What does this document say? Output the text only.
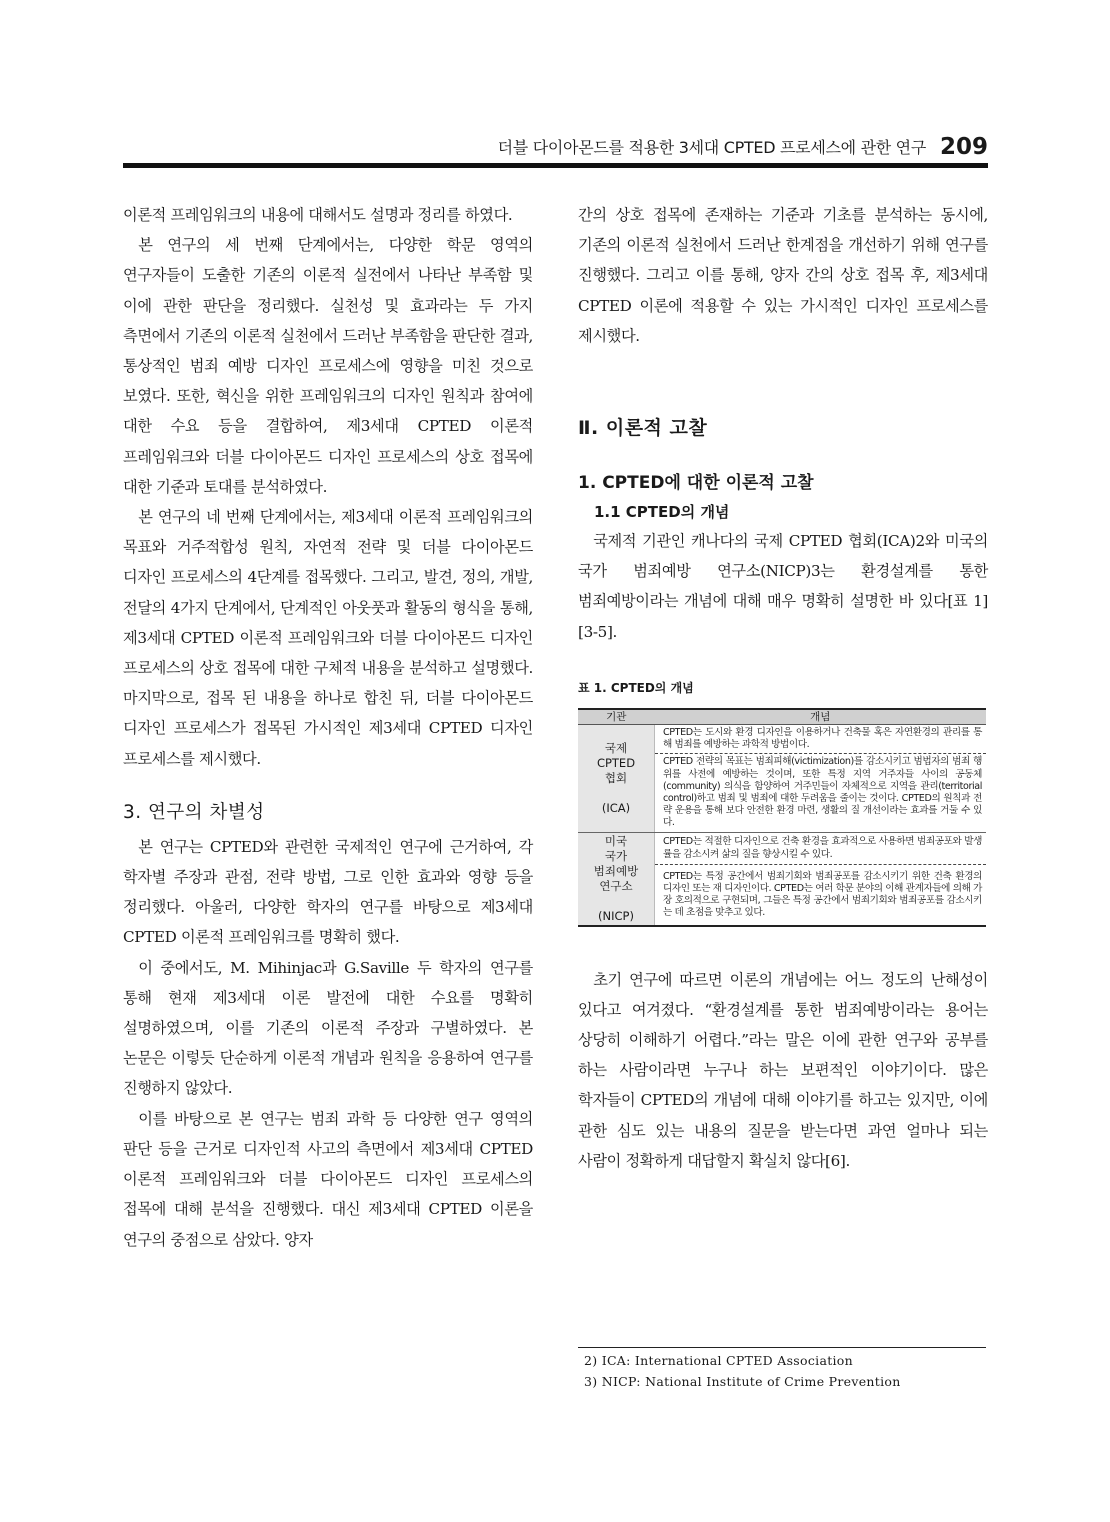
더블 다이아몬드를 적용한 3세대 CPTED 프로세스에 관한 연구 209

이론적 프레임워크의 내용에 대해서도 설명과 정리를 하였다.

본 연구의 세 번째 단계에서는, 다양한 학문 영역의 연구자들이 도출한 기존의 이론적 실전에서 나타난 부족함 및 이에 관한 판단을 정리했다. 실천성 및 효과라는 두 가지 측면에서 기존의 이론적 실천에서 드러난 부족함을 판단한 결과, 통상적인 범죄 예방 디자인 프로세스에 영향을 미친 것으로 보였다. 또한, 혁신을 위한 프레임워크의 디자인 원칙과 참여에 대한 수요 등을 결합하여, 제3세대 CPTED 이론적 프레임워크와 더블 다이아몬드 디자인 프로세스의 상호 접목에 대한 기준과 토대를 분석하였다.

본 연구의 네 번째 단계에서는, 제3세대 이론적 프레임워크의 목표와 거주적합성 원칙, 자연적 전략 및 더블 다이아몬드 디자인 프로세스의 4단계를 접목했다. 그리고, 발견, 정의, 개발, 전달의 4가지 단계에서, 단계적인 아웃풋과 활동의 형식을 통해, 제3세대 CPTED 이론적 프레임워크와 더블 다이아몬드 디자인 프로세스의 상호 접목에 대한 구체적 내용을 분석하고 설명했다. 마지막으로, 접목 된 내용을 하나로 합친 뒤, 더블 다이아몬드 디자인 프로세스가 접목된 가시적인 제3세대 CPTED 디자인 프로세스를 제시했다.

3. 연구의 차별성

본 연구는 CPTED와 관련한 국제적인 연구에 근거하여, 각 학자별 주장과 관점, 전략 방법, 그로 인한 효과와 영향 등을 정리했다. 아울러, 다양한 학자의 연구를 바탕으로 제3세대 CPTED 이론적 프레임워크를 명확히 했다.

이 중에서도, M. Mihinjac과 G.Saville 두 학자의 연구를 통해 현재 제3세대 이론 발전에 대한 수요를 명확히 설명하였으며, 이를 기존의 이론적 주장과 구별하였다. 본 논문은 이렇듯 단순하게 이론적 개념과 원칙을 응용하여 연구를 진행하지 않았다.

이를 바탕으로 본 연구는 범죄 과학 등 다양한 연구 영역의 판단 등을 근거로 디자인적 사고의 측면에서 제3세대 CPTED 이론적 프레임워크와 더블 다이아몬드 디자인 프로세스의 접목에 대해 분석을 진행했다. 대신 제3세대 CPTED 이론을 연구의 중점으로 삼았다. 양자

간의 상호 접목에 존재하는 기준과 기초를 분석하는 동시에, 기존의 이론적 실천에서 드러난 한계점을 개선하기 위해 연구를 진행했다. 그리고 이를 통해, 양자 간의 상호 접목 후, 제3세대 CPTED 이론에 적용할 수 있는 가시적인 디자인 프로세스를 제시했다.

Ⅱ. 이론적 고찰
1. CPTED에 대한 이론적 고찰
1.1 CPTED의 개념

국제적 기관인 캐나다의 국제 CPTED 협회(ICA)2와 미국의 국가 범죄예방 연구소(NICP)3는 환경설계를 통한 범죄예방이라는 개념에 대해 매우 명확히 설명한 바 있다[표 1][3-5].

표 1. CPTED의 개념

기관	개념
국제
CPTED
협회

(ICA)	CPTED는 도시와 환경 디자인을 이용하거나 건축물 혹은 자연환경의 관리를 통해 범죄를 예방하는 과학적 방법이다.
	CPTED 전략의 목표는 범죄피해(victimization)를 감소시키고 범법자의 범죄 행위를 사전에 예방하는 것이며, 또한 특정 지역 거주자들 사이의 공동체(community) 의식을 함양하여 거주민들이 자체적으로 지역을 관리(territorial control)하고 범죄 및 범죄에 대한 두려움을 줄이는 것이다. CPTED의 원칙과 전략 운용을 통해 보다 안전한 환경 마련, 생활의 질 개선이라는 효과를 거둘 수 있다.
미국
국가
범죄예방
연구소

(NICP)	CPTED는 적절한 디자인으로 건축 환경을 효과적으로 사용하면 범죄공포와 발생률을 감소시켜 삶의 질을 향상시킬 수 있다.
	CPTED는 특정 공간에서 범죄기회와 범죄공포를 감소시키기 위한 건축 환경의 디자인 또는 재 디자인이다. CPTED는 여러 학문 분야의 이해 관계자들에 의해 가장 호의적으로 구현되며, 그들은 특정 공간에서 범죄기회와 범죄공포를 감소시키는 데 초점을 맞추고 있다.

초기 연구에 따르면 이론의 개념에는 어느 정도의 난해성이 있다고 여겨졌다. “환경설계를 통한 범죄예방이라는 용어는 상당히 이해하기 어렵다.”라는 말은 이에 관한 연구와 공부를 하는 사람이라면 누구나 하는 보편적인 이야기이다. 많은 학자들이 CPTED의 개념에 대해 이야기를 하고는 있지만, 이에 관한 심도 있는 내용의 질문을 받는다면 과연 얼마나 되는 사람이 정확하게 대답할지 확실치 않다[6].

2) ICA: International CPTED Association
3) NICP: National Institute of Crime Prevention
